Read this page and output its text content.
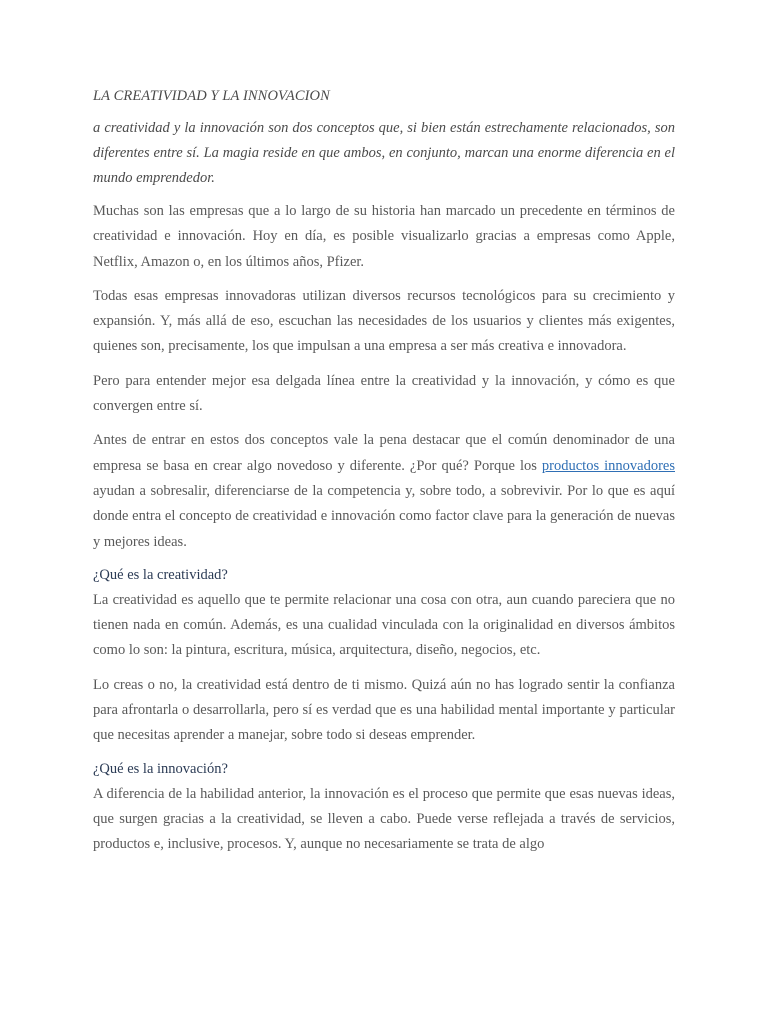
LA CREATIVIDAD Y LA INNOVACION

a creatividad y la innovación son dos conceptos que, si bien están estrechamente relacionados, son diferentes entre sí. La magia reside en que ambos, en conjunto, marcan una enorme diferencia en el mundo emprendedor.

Muchas son las empresas que a lo largo de su historia han marcado un precedente en términos de creatividad e innovación. Hoy en día, es posible visualizarlo gracias a empresas como Apple, Netflix, Amazon o, en los últimos años, Pfizer.

Todas esas empresas innovadoras utilizan diversos recursos tecnológicos para su crecimiento y expansión. Y, más allá de eso, escuchan las necesidades de los usuarios y clientes más exigentes, quienes son, precisamente, los que impulsan a una empresa a ser más creativa e innovadora.

Pero para entender mejor esa delgada línea entre la creatividad y la innovación, y cómo es que convergen entre sí.

Antes de entrar en estos dos conceptos vale la pena destacar que el común denominador de una empresa se basa en crear algo novedoso y diferente. ¿Por qué? Porque los productos innovadores ayudan a sobresalir, diferenciarse de la competencia y, sobre todo, a sobrevivir. Por lo que es aquí donde entra el concepto de creatividad e innovación como factor clave para la generación de nuevas y mejores ideas.

¿Qué es la creatividad?

La creatividad es aquello que te permite relacionar una cosa con otra, aun cuando pareciera que no tienen nada en común. Además, es una cualidad vinculada con la originalidad en diversos ámbitos como lo son: la pintura, escritura, música, arquitectura, diseño, negocios, etc.

Lo creas o no, la creatividad está dentro de ti mismo. Quizá aún no has logrado sentir la confianza para afrontarla o desarrollarla, pero sí es verdad que es una habilidad mental importante y particular que necesitas aprender a manejar, sobre todo si deseas emprender.

¿Qué es la innovación?

A diferencia de la habilidad anterior, la innovación es el proceso que permite que esas nuevas ideas, que surgen gracias a la creatividad, se lleven a cabo. Puede verse reflejada a través de servicios, productos e, inclusive, procesos. Y, aunque no necesariamente se trata de algo
